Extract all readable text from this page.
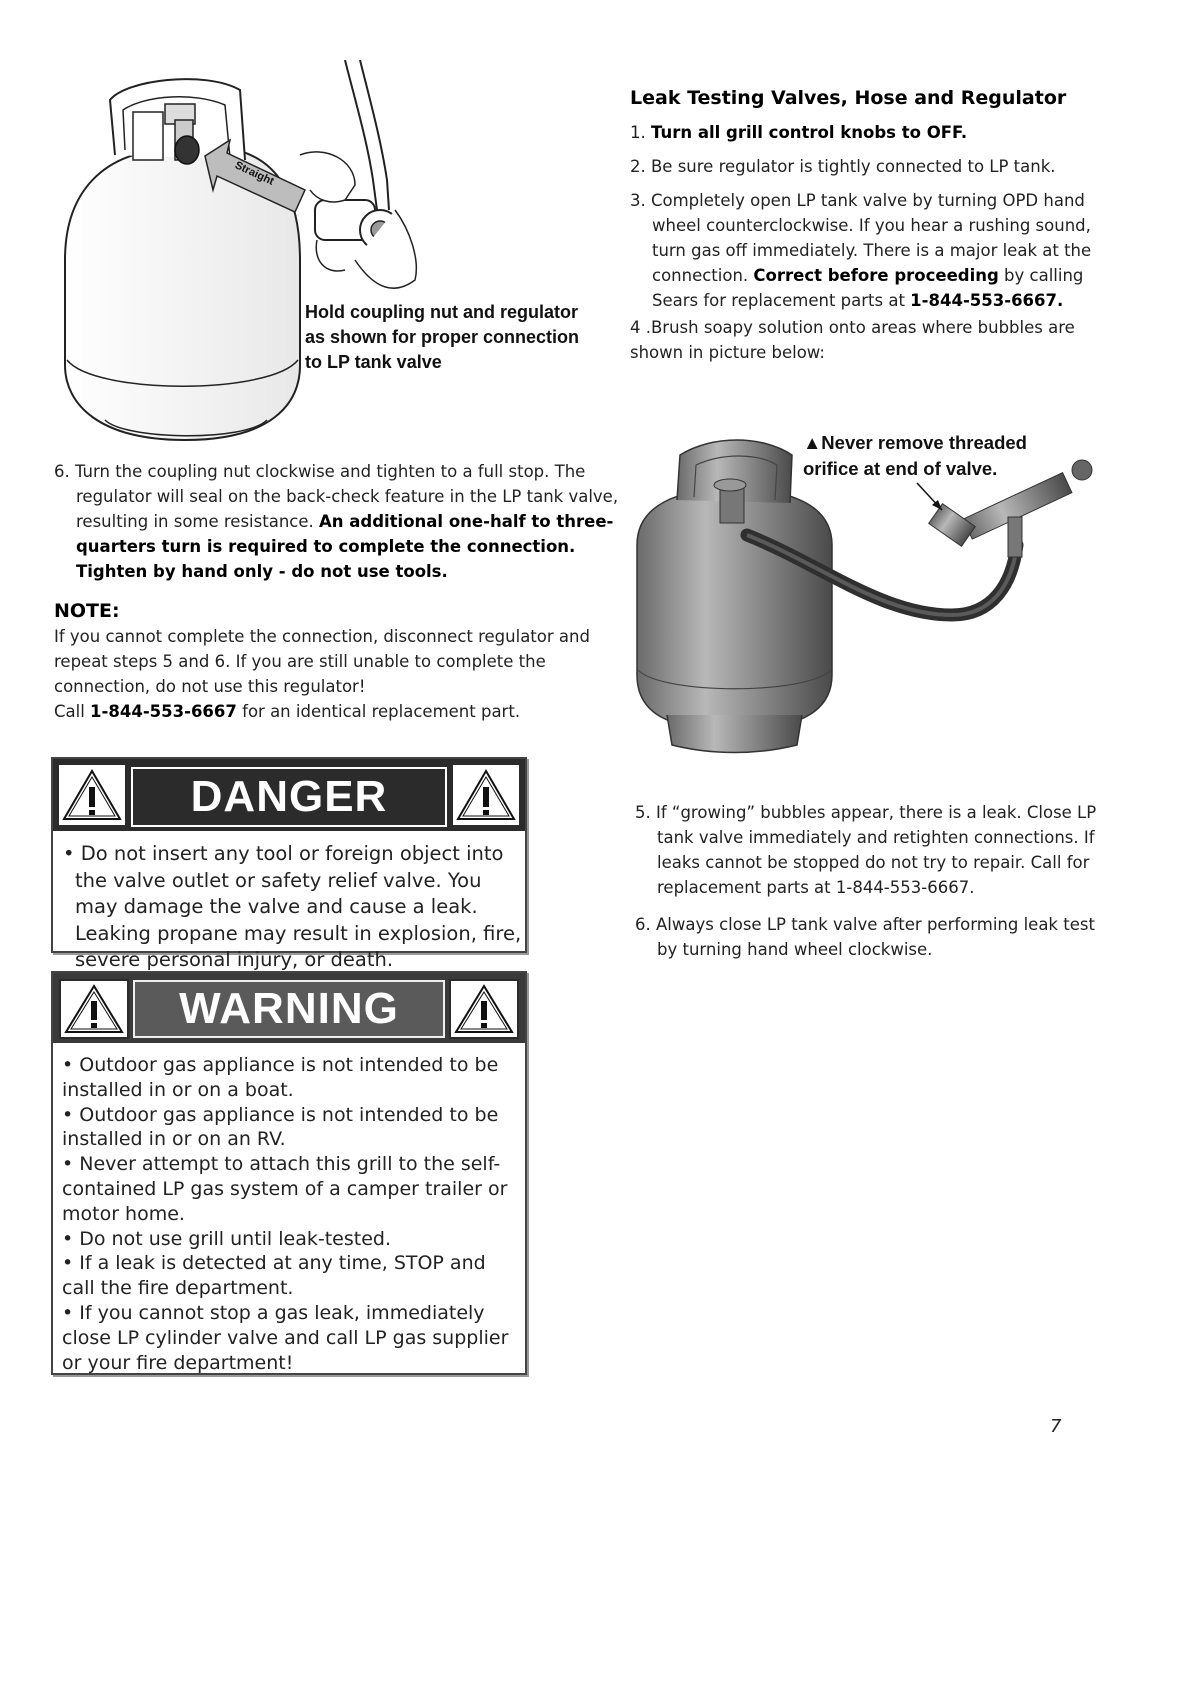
Straight
Hold coupling nut and regulator
as shown for proper connection
to LP tank valve
6. Turn the coupling nut clockwise and tighten to a full stop. The regulator will seal on the back-check feature in the LP tank valve, resulting in some resistance. An additional one-half to three-quarters turn is required to complete the connection. Tighten by hand only - do not use tools.
NOTE:
If you cannot complete the connection, disconnect regulator and repeat steps 5 and 6. If you are still unable to complete the connection, do not use this regulator!
Call 1-844-553-6667 for an identical replacement part.
DANGER
• Do not insert any tool or foreign object into the valve outlet or safety relief valve. You may damage the valve and cause a leak. Leaking propane may result in explosion, fire, severe personal injury, or death.
WARNING
• Outdoor gas appliance is not intended to be installed in or on a boat.
• Outdoor gas appliance is not intended to be installed in or on an RV.
• Never attempt to attach this grill to the self-contained LP gas system of a camper trailer or motor home.
• Do not use grill until leak-tested.
• If a leak is detected at any time, STOP and call the fire department.
• If you cannot stop a gas leak, immediately close LP cylinder valve and call LP gas supplier or your fire department!
Leak Testing Valves, Hose and Regulator
1. Turn all grill control knobs to OFF.
2. Be sure regulator is tightly connected to LP tank.
3. Completely open LP tank valve by turning OPD hand wheel counterclockwise. If you hear a rushing sound, turn gas off immediately. There is a major leak at the connection. Correct before proceeding by calling Sears for replacement parts at 1-844-553-6667.
4 .Brush soapy solution onto areas where bubbles are shown in picture below:
▲Never remove threaded
orifice at end of valve.
5. If “growing” bubbles appear, there is a leak. Close LP tank valve immediately and retighten connections. If leaks cannot be stopped do not try to repair. Call for replacement parts at 1-844-553-6667.
6. Always close LP tank valve after performing leak test by turning hand wheel clockwise.
7
